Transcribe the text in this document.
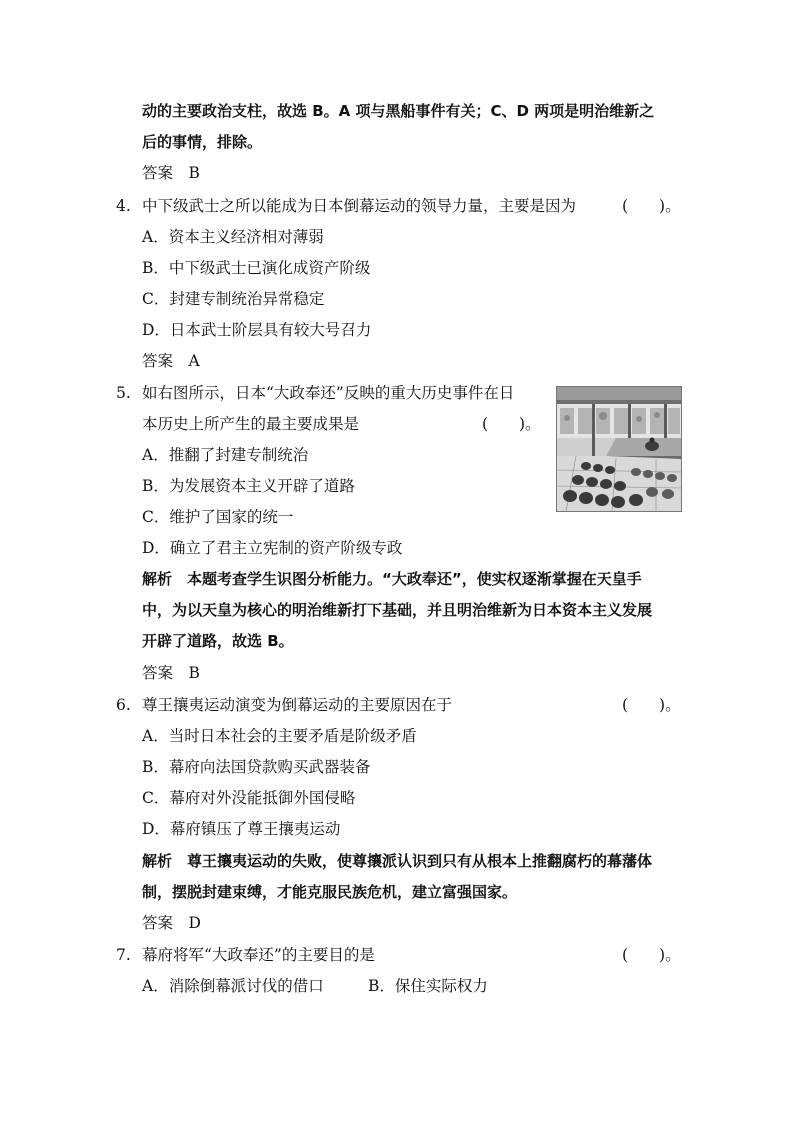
动的主要政治支柱，故选 B。A 项与黑船事件有关；C、D 两项是明治维新之
后的事情，排除。
答案　B
4. 中下级武士之所以能成为日本倒幕运动的领导力量，主要是因为	(　　)。
A．资本主义经济相对薄弱
B．中下级武士已演化成资产阶级
C．封建专制统治异常稳定
D．日本武士阶层具有较大号召力
答案　A
5. 如右图所示，日本“大政奉还”反映的重大历史事件在日
本历史上所产生的最主要成果是	(　　)。
A．推翻了封建专制统治
B．为发展资本主义开辟了道路
C．维护了国家的统一
D．确立了君主立宪制的资产阶级专政
解析　本题考查学生识图分析能力。“大政奉还”，使实权逐渐掌握在天皇手
中，为以天皇为核心的明治维新打下基础，并且明治维新为日本资本主义发展
开辟了道路，故选 B。
答案　B
6. 尊王攘夷运动演变为倒幕运动的主要原因在于	(　　)。
A．当时日本社会的主要矛盾是阶级矛盾
B．幕府向法国贷款购买武器装备
C．幕府对外没能抵御外国侵略
D．幕府镇压了尊王攘夷运动
解析　尊王攘夷运动的失败，使尊攘派认识到只有从根本上推翻腐朽的幕藩体
制，摆脱封建束缚，才能克服民族危机，建立富强国家。
答案　D
7. 幕府将军“大政奉还”的主要目的是	(　　)。
A．消除倒幕派讨伐的借口	B．保住实际权力
